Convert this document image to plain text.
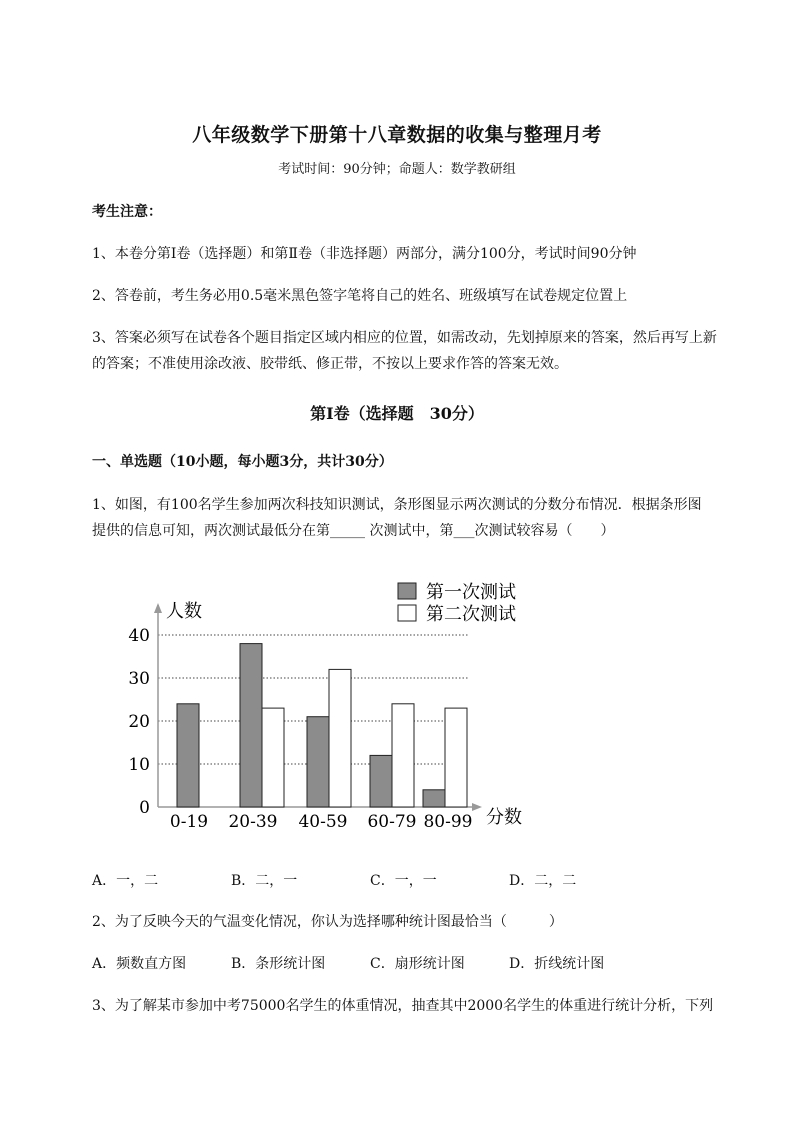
八年级数学下册第十八章数据的收集与整理月考
考试时间：90分钟；命题人：数学教研组
考生注意：
1、本卷分第I卷（选择题）和第Ⅱ卷（非选择题）两部分，满分100分，考试时间90分钟
2、答卷前，考生务必用0.5毫米黑色签字笔将自己的姓名、班级填写在试卷规定位置上
3、答案必须写在试卷各个题目指定区域内相应的位置，如需改动，先划掉原来的答案，然后再写上新
的答案；不准使用涂改液、胶带纸、修正带，不按以上要求作答的答案无效。
第I卷（选择题　30分）
一、单选题（10小题，每小题3分，共计30分）
1、如图，有100名学生参加两次科技知识测试，条形图显示两次测试的分数分布情况．根据条形图
提供的信息可知，两次测试最低分在第_____ 次测试中，第___次测试较容易（　　）
0
10
20
30
40
人数
分数
0-19 20-39 40-59 60-79 80-99
第一次测试
第二次测试
A．一，二	B．二，一	C．一，一	D．二，二
2、为了反映今天的气温变化情况，你认为选择哪种统计图最恰当（　　　）
A．频数直方图	B．条形统计图	C．扇形统计图	D．折线统计图
3、为了解某市参加中考75000名学生的体重情况，抽查其中2000名学生的体重进行统计分析，下列
